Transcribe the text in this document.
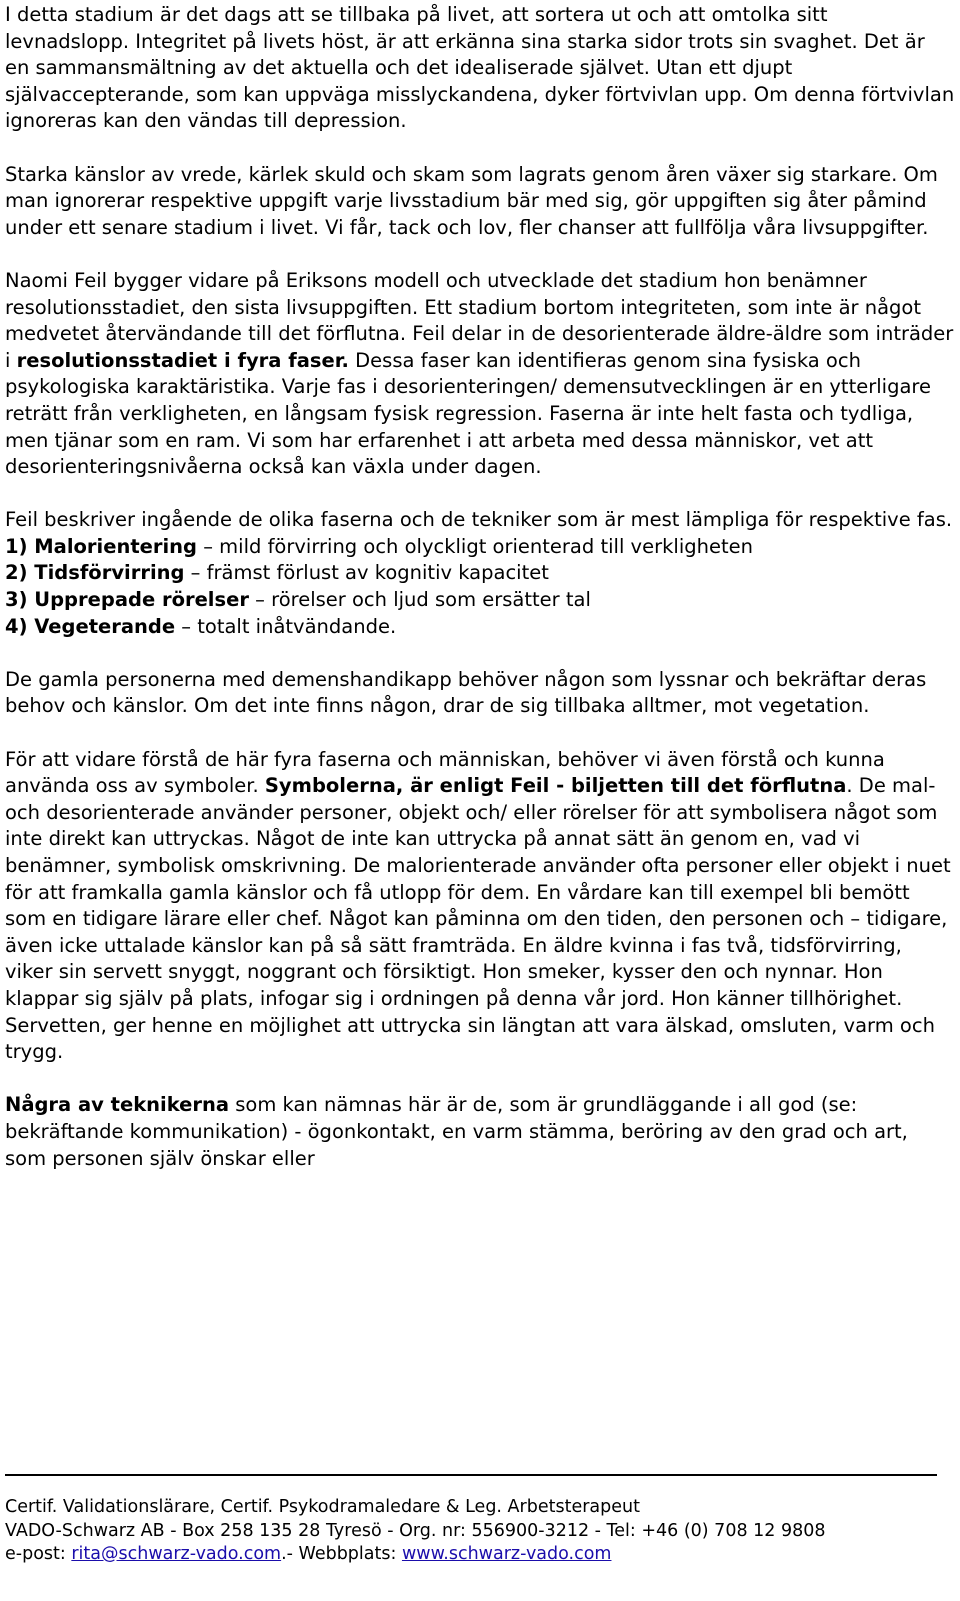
I detta stadium är det dags att se tillbaka på livet, att sortera ut och att omtolka sitt levnadslopp. Integritet på livets höst, är att erkänna sina starka sidor trots sin svaghet. Det är en sammansmältning av det aktuella och det idealiserade självet. Utan ett djupt självaccepterande, som kan uppväga misslyckandena, dyker förtvivlan upp. Om denna förtvivlan ignoreras kan den vändas till depression.

Starka känslor av vrede, kärlek skuld och skam som lagrats genom åren växer sig starkare. Om man ignorerar respektive uppgift varje livsstadium bär med sig, gör uppgiften sig åter påmind under ett senare stadium i livet. Vi får, tack och lov, fler chanser att fullfölja våra livsuppgifter.

Naomi Feil bygger vidare på Eriksons modell och utvecklade det stadium hon benämner resolutionsstadiet, den sista livsuppgiften. Ett stadium bortom integriteten, som inte är något medvetet återvändande till det förflutna. Feil delar in de desorienterade äldre-äldre som inträder i resolutionsstadiet i fyra faser. Dessa faser kan identifieras genom sina fysiska och psykologiska karaktäristika. Varje fas i desorienteringen/ demensutvecklingen är en ytterligare reträtt från verkligheten, en långsam fysisk regression. Faserna är inte helt fasta och tydliga, men tjänar som en ram. Vi som har erfarenhet i att arbeta med dessa människor, vet att desorienteringsnivåerna också kan växla under dagen.

Feil beskriver ingående de olika faserna och de tekniker som är mest lämpliga för respektive fas.

1) Malorientering – mild förvirring och olyckligt orienterad till verkligheten
2) Tidsförvirring – främst förlust av kognitiv kapacitet
3) Upprepade rörelser – rörelser och ljud som ersätter tal
4) Vegeterande – totalt inåtvändande.

De gamla personerna med demenshandikapp behöver någon som lyssnar och bekräftar deras behov och känslor. Om det inte finns någon, drar de sig tillbaka alltmer, mot vegetation.

För att vidare förstå de här fyra faserna och människan, behöver vi även förstå och kunna använda oss av symboler. Symbolerna, är enligt Feil - biljetten till det förflutna. De mal- och desorienterade använder personer, objekt och/ eller rörelser för att symbolisera något som inte direkt kan uttryckas. Något de inte kan uttrycka på annat sätt än genom en, vad vi benämner, symbolisk omskrivning. De malorienterade använder ofta personer eller objekt i nuet för att framkalla gamla känslor och få utlopp för dem. En vårdare kan till exempel bli bemött som en tidigare lärare eller chef. Något kan påminna om den tiden, den personen och – tidigare, även icke uttalade känslor kan på så sätt framträda. En äldre kvinna i fas två, tidsförvirring, viker sin servett snyggt, noggrant och försiktigt. Hon smeker, kysser den och nynnar. Hon klappar sig själv på plats, infogar sig i ordningen på denna vår jord. Hon känner tillhörighet. Servetten, ger henne en möjlighet att uttrycka sin längtan att vara älskad, omsluten, varm och trygg.

Några av teknikerna som kan nämnas här är de, som är grundläggande i all god (se: bekräftande kommunikation) - ögonkontakt, en varm stämma, beröring av den grad och art, som personen själv önskar eller

Certif. Validationslärare, Certif. Psykodramaledare & Leg. Arbetsterapeut
VADO-Schwarz AB - Box 258 135 28 Tyresö - Org. nr: 556900-3212 - Tel: +46 (0) 708 12 9808
e-post: rita@schwarz-vado.com.- Webbplats: www.schwarz-vado.com
